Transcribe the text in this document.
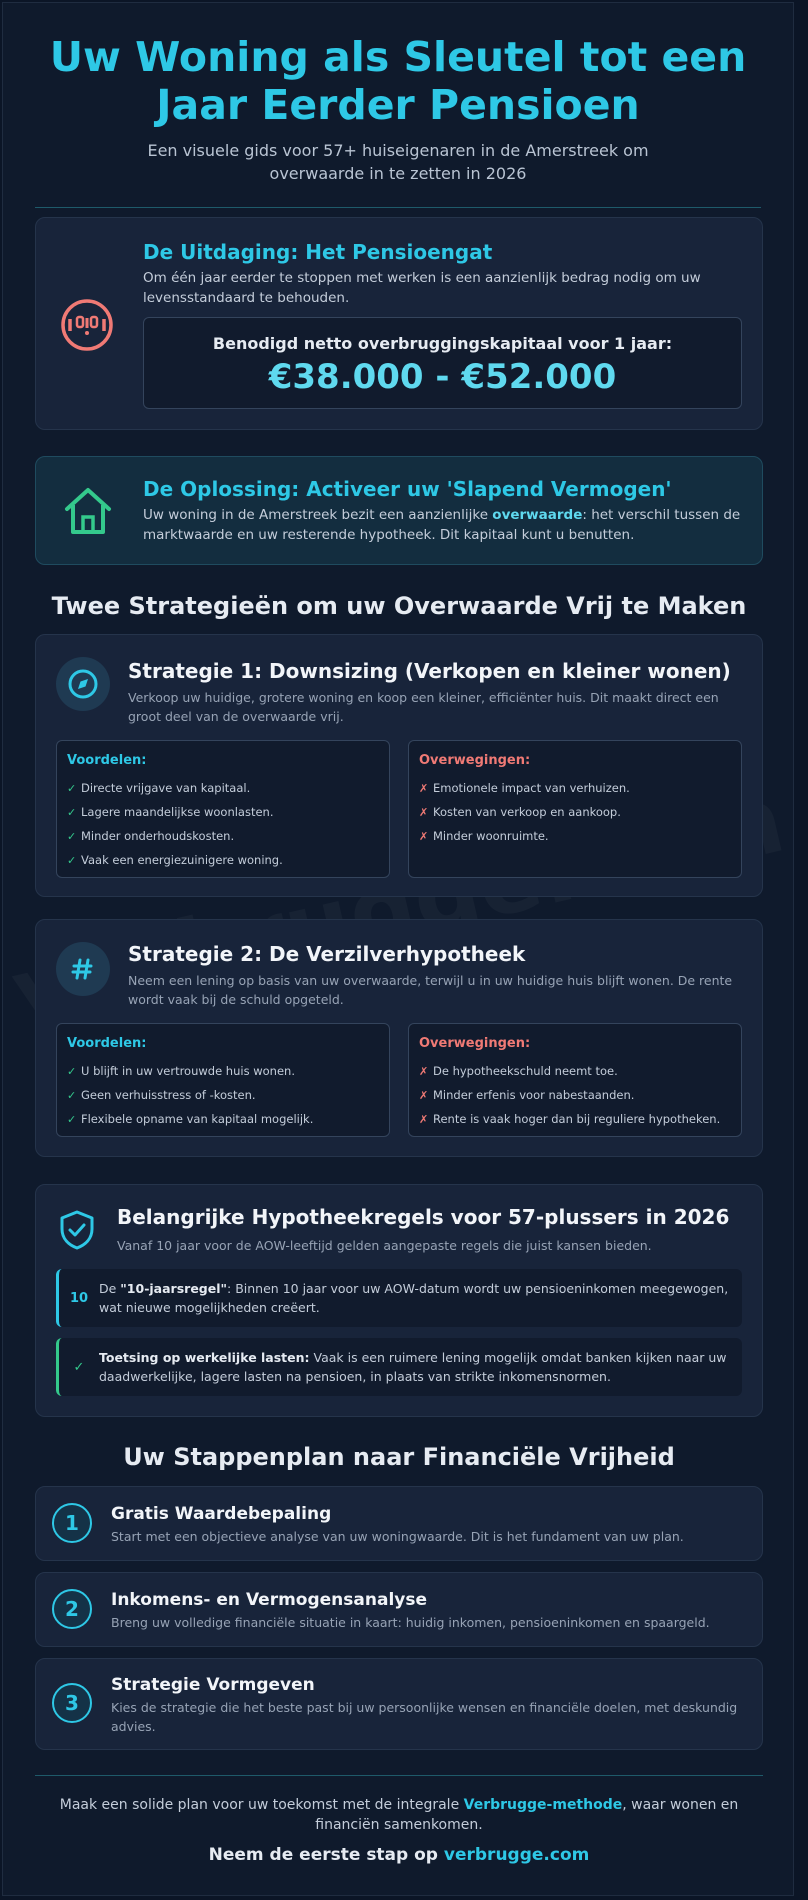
Uw Woning als Sleutel tot een Jaar Eerder Pensioen
Een visuele gids voor 57+ huiseigenaren in de Amerstreek om overwaarde in te zetten in 2026
De Uitdaging: Het Pensioengat
Om één jaar eerder te stoppen met werken is een aanzienlijk bedrag nodig om uw levensstandaard te behouden.
Benodigd netto overbruggingskapitaal voor 1 jaar:
€38.000 - €52.000
De Oplossing: Activeer uw 'Slapend Vermogen'
Uw woning in de Amerstreek bezit een aanzienlijke overwaarde: het verschil tussen de marktwaarde en uw resterende hypotheek. Dit kapitaal kunt u benutten.
Twee Strategieën om uw Overwaarde Vrij te Maken
Strategie 1: Downsizing (Verkopen en kleiner wonen)
Verkoop uw huidige, grotere woning en koop een kleiner, efficiënter huis. Dit maakt direct een groot deel van de overwaarde vrij.
Voordelen:
✓ Directe vrijgave van kapitaal.
✓ Lagere maandelijkse woonlasten.
✓ Minder onderhoudskosten.
✓ Vaak een energiezuinigere woning.
Overwegingen:
✗ Emotionele impact van verhuizen.
✗ Kosten van verkoop en aankoop.
✗ Minder woonruimte.
Strategie 2: De Verzilverhypotheek
Neem een lening op basis van uw overwaarde, terwijl u in uw huidige huis blijft wonen. De rente wordt vaak bij de schuld opgeteld.
Voordelen:
✓ U blijft in uw vertrouwde huis wonen.
✓ Geen verhuisstress of -kosten.
✓ Flexibele opname van kapitaal mogelijk.
Overwegingen:
✗ De hypotheekschuld neemt toe.
✗ Minder erfenis voor nabestaanden.
✗ Rente is vaak hoger dan bij reguliere hypotheken.
Belangrijke Hypotheekregels voor 57-plussers in 2026
Vanaf 10 jaar voor de AOW-leeftijd gelden aangepaste regels die juist kansen bieden.
10
De "10-jaarsregel": Binnen 10 jaar voor uw AOW-datum wordt uw pensioeninkomen meegewogen, wat nieuwe mogelijkheden creëert.
✓
Toetsing op werkelijke lasten: Vaak is een ruimere lening mogelijk omdat banken kijken naar uw daadwerkelijke, lagere lasten na pensioen, in plaats van strikte inkomensnormen.
Uw Stappenplan naar Financiële Vrijheid
1	Gratis Waardebepaling
Start met een objectieve analyse van uw woningwaarde. Dit is het fundament van uw plan.
2	Inkomens- en Vermogensanalyse
Breng uw volledige financiële situatie in kaart: huidig inkomen, pensioeninkomen en spaargeld.
3
Strategie Vormgeven
Kies de strategie die het beste past bij uw persoonlijke wensen en financiële doelen, met deskundig advies.
Maak een solide plan voor uw toekomst met de integrale Verbrugge-methode, waar wonen en financiën samenkomen.
Neem de eerste stap op verbrugge.com
